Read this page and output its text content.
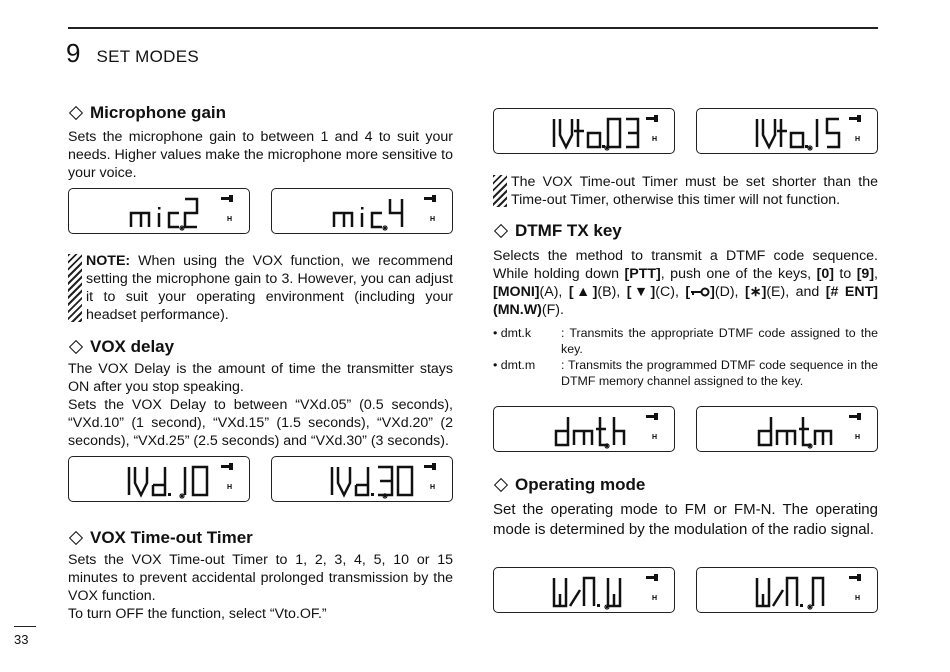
9 SET MODES
Microphone gain
Sets the microphone gain to between 1 and 4 to suit your needs. Higher values make the microphone more sensitive to your voice.
H	H
NOTE: When using the VOX function, we recommend setting the microphone gain to 3. However, you can adjust it to suit your operating environment (including your headset performance).
VOX delay
The VOX Delay is the amount of time the transmitter stays ON after you stop speaking.
Sets the VOX Delay to between “VXd.05” (0.5 seconds), “VXd.10” (1 second), “VXd.15” (1.5 seconds), “VXd.20” (2 seconds), “VXd.25” (2.5 seconds) and “VXd.30” (3 seconds).
H	H
VOX Time-out Timer
Sets the VOX Time-out Timer to 1, 2, 3, 4, 5, 10 or 15 minutes to prevent accidental prolonged transmission by the VOX function.
To turn OFF the function, select “Vto.OF.”
H	H
The VOX Time-out Timer must be set shorter than the Time-out Timer, otherwise this timer will not function.
DTMF TX key
Selects the method to transmit a DTMF code sequence. While holding down [PTT], push one of the keys, [0] to [9], [MONI](A), [▲](B), [▼](C), [ ](D), [∗](E), and [# ENT] (MN.W)(F).
• dmt.k	: Transmits the appropriate DTMF code assigned to the key.
• dmt.m	: Transmits the programmed DTMF code sequence in the DTMF memory channel assigned to the key.
H	H
Operating mode
Set the operating mode to FM or FM-N. The operating mode is determined by the modulation of the radio signal.
H	H
33
